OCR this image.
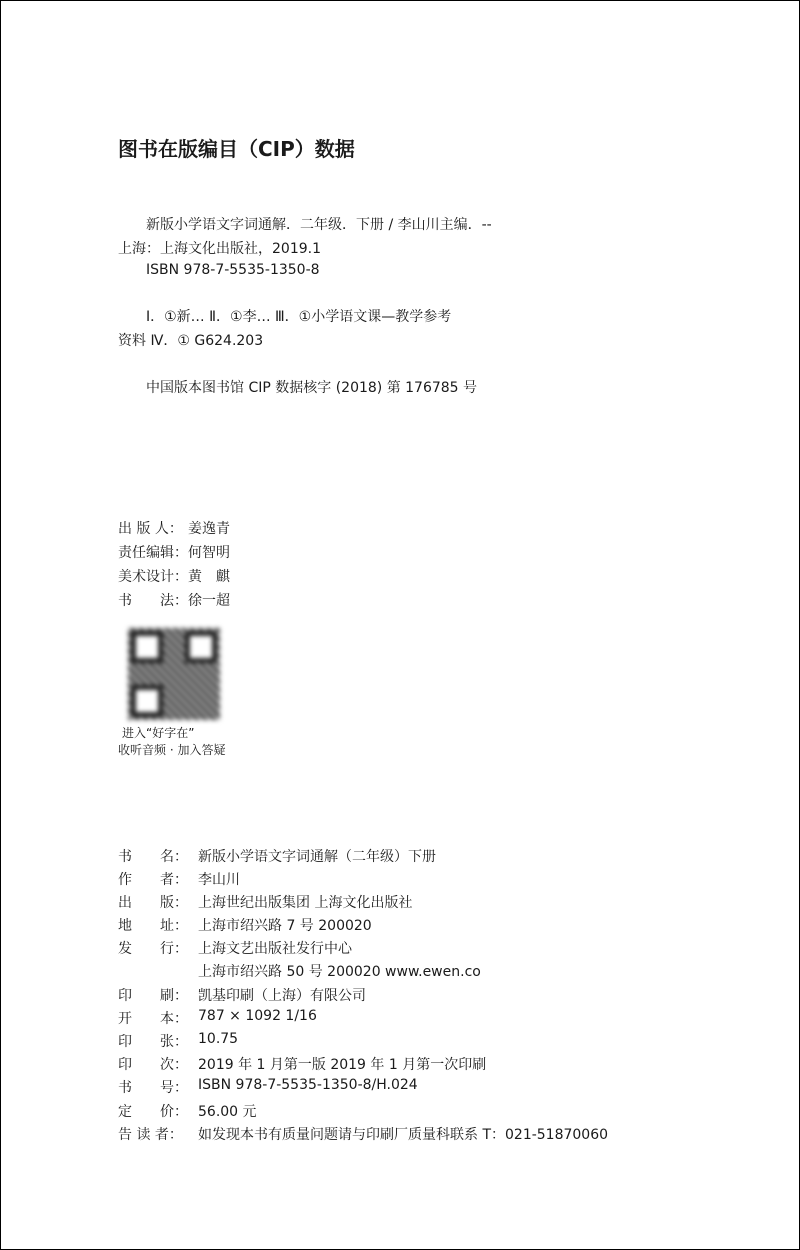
图书在版编目（CIP）数据
新版小学语文字词通解．二年级．下册 / 李山川主编．--
上海：上海文化出版社，2019.1
ISBN 978-7-5535-1350-8
Ⅰ．①新… Ⅱ．①李… Ⅲ．①小学语文课—教学参考
资料 Ⅳ．① G624.203
中国版本图书馆 CIP 数据核字 (2018) 第 176785 号
出 版 人： 姜逸青
责任编辑： 何智明
美术设计： 黄　麒
书　　法： 徐一超
进入“好字在”
收听音频 · 加入答疑
书　　名： 新版小学语文字词通解（二年级）下册
作　　者： 李山川
出　　版： 上海世纪出版集团 上海文化出版社
地　　址： 上海市绍兴路 7 号 200020
发　　行： 上海文艺出版社发行中心
上海市绍兴路 50 号 200020 www.ewen.co
印　　刷： 凯基印刷（上海）有限公司
开　　本： 787 × 1092 1/16
印　　张： 10.75
印　　次： 2019 年 1 月第一版 2019 年 1 月第一次印刷
书　　号： ISBN 978-7-5535-1350-8/H.024
定　　价： 56.00 元
告 读 者：	如发现本书有质量问题请与印刷厂质量科联系 T：021-51870060
